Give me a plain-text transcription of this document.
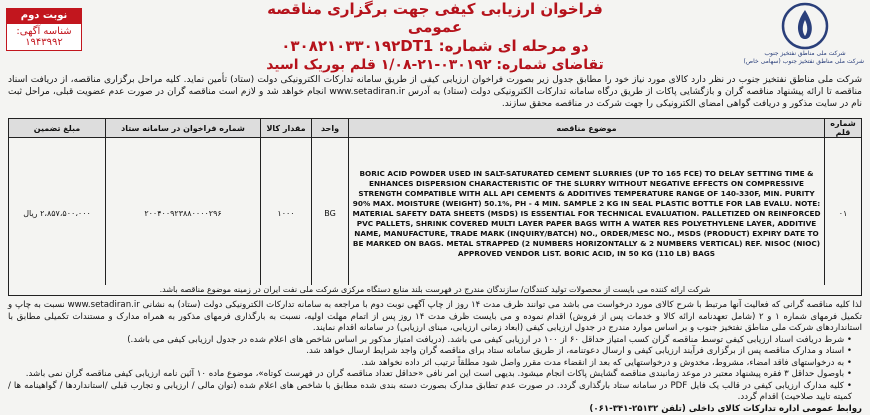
شرکت ملی مناطق نفتخیز جنوب
شرکت ملی مناطق نفتخیز جنوب (سهامی خاص)
فراخوان ارزیابی کیفی جهت برگزاری مناقصه عمومی
دو مرحله ای شماره: ۰۳۰۸۲۱۰۳۳۰۱۹۲DT1
تقاضای شماره: ۰۳۰۱۹۲-۲۱-۱/۰۸ قلم بوریک اسید
نوبت دوم
شناسه آگهی: ۱۹۴۳۹۹۲
شرکت ملی مناطق نفتخیز جنوب در نظر دارد کالای مورد نیاز خود را مطابق جدول زیر بصورت فراخوان ارزیابی کیفی از طریق سامانه تدارکات الکترونیکی دولت (ستاد) تأمین نماید. کلیه مراحل برگزاری مناقصه، از دریافت اسناد مناقصه تا ارائه پیشنهاد مناقصه گران و بازگشایی پاکات از طریق درگاه سامانه تدارکات الکترونیکی دولت (ستاد) به آدرس www.setadiran.ir انجام خواهد شد و لازم است مناقصه گران در صورت عدم عضویت قبلی، مراحل ثبت نام در سایت مذکور و دریافت گواهی امضای الکترونیکی را جهت شرکت در مناقصه محقق سازند.
شماره قلم	موضوع مناقصه	واحد	مقدار کالا	شماره فراخوان در سامانه ستاد	مبلغ تضمین
۰۱	BORIC ACID POWDER USED IN SALT-SATURATED CEMENT SLURRIES (UP TO 165 FCE) TO DELAY SETTING TIME & ENHANCES DISPERSION CHARACTERISTIC OF THE SLURRY WITHOUT NEGATIVE EFFECTS ON COMPRESSIVE STRENGTH COMPATIBLE WITH ALL API CEMENTS & ADDITIVES TEMPERATURE RANGE OF 140-330F, MIN. PURITY 90% MAX. MOISTURE (WEIGHT) 50.1%, PH - 4 MIN. SAMPLE 2 KG IN SEAL PLASTIC BOTTLE FOR LAB EVALU. NOTE: MATERIAL SAFETY DATA SHEETS (MSDS) IS ESSENTIAL FOR TECHNICAL EVALUATION. PALLETIZED ON REINFORCED PVC PALLETS, SHRINK COVERED MULTI LAYER PAPER BAGS WITH A WATER RES POLYETHYLENE LAYER, ADDITIVE NAME, MANUFACTURE, TRADE MARK (INQUIRY/BATCH) NO., ORDER/MESC NO., MSDS (PRODUCT) EXPIRY DATE TO BE MARKED ON BAGS. METAL STRAPPED (2 NUMBERS HORIZONTALLY & 2 NUMBERS VERTICAL) REF. NISOC (NIOC) APPROVED VENDOR LIST. BORIC ACID, IN 50 KG (110 LB) BAGS	BG	۱۰۰۰	۲۰۰۴۰۰۹۲۳۸۸۰۰۰۰۲۹۶	۲،۸۵۷،۵۰۰،۰۰۰ ریال
شرکت ارائه کننده می بایست از محصولات تولید کنندگان/ سازندگان مندرج در فهرست بلند منابع دستگاه مرکزی شرکت ملی نفت ایران در زمینه موضوع مناقصه باشد.

لذا کلیه مناقصه گرانی که فعالیت آنها مرتبط با شرح کالای مورد درخواست می باشد می توانند ظرف مدت ۱۴ روز از چاپ آگهی نوبت دوم با مراجعه به سامانه تدارکات الکترونیکی دولت (ستاد) به نشانی www.setadiran.ir نسبت به چاپ و تکمیل فرمهای شماره ۱ و ۲ (شامل تعهدنامه ارائه کالا و خدمات پس از فروش) اقدام نموده و می بایست ظرف مدت ۱۴ روز پس از اتمام مهلت اولیه، نسبت به بارگذاری فرمهای مذکور به همراه مدارک و مستندات تکمیلی مطابق با استانداردهای شرکت ملی مناطق نفتخیز جنوب و بر اساس موارد مندرج در جدول ارزیابی کیفی (ابعاد زمانی ارزیابی، مبنای ارزیابی) در سامانه اقدام نمایند.

• شرط دریافت اسناد ارزیابی کیفی توسط مناقصه گران کسب امتیاز حداقل ۶۰ از ۱۰۰ در ارزیابی کیفی می باشد. (دریافت امتیاز مذکور بر اساس شاخص های اعلام شده در جدول ارزیابی کیفی می باشد.)
• اسناد و مدارک مناقصه پس از برگزاری فرآیند ارزیابی کیفی و ارسال دعوتنامه، از طریق سامانه ستاد برای مناقصه گران واجد شرایط ارسال خواهد شد.
• به درخواستهای فاقد امضاء، مشروط، مخدوش و درخواستهایی که بعد از انقضاء مدت مقرر واصل شود مطلقاً ترتیب اثر داده نخواهد شد.
• باوصول حداقل ۳ فقره پیشنهاد معتبر در موعد زمانبندی مناقصه گشایش پاکات انجام میشود. بدیهی است این امر نافی «حداقل تعداد مناقصه گران در فهرست کوتاه»، موضوع ماده ۱۰ آئین نامه ارزیابی کیفی مناقصه گران نمی باشد.
• کلیه مدارک ارزیابی کیفی در قالب یک فایل PDF در سامانه ستاد بارگذاری گردد. در صورت عدم تطابق مدارک بصورت دسته بندی شده مطابق با شاخص های اعلام شده (توان مالی / ارزیابی و تجارب قبلی /استانداردها / گواهینامه ها / کمیته تایید صلاحیت) اقدام گردد.

روابط عمومی اداره تدارکات کالای داخلی (تلفن ۲۵۱۳۲-۳۴۱-۰۶۱)
